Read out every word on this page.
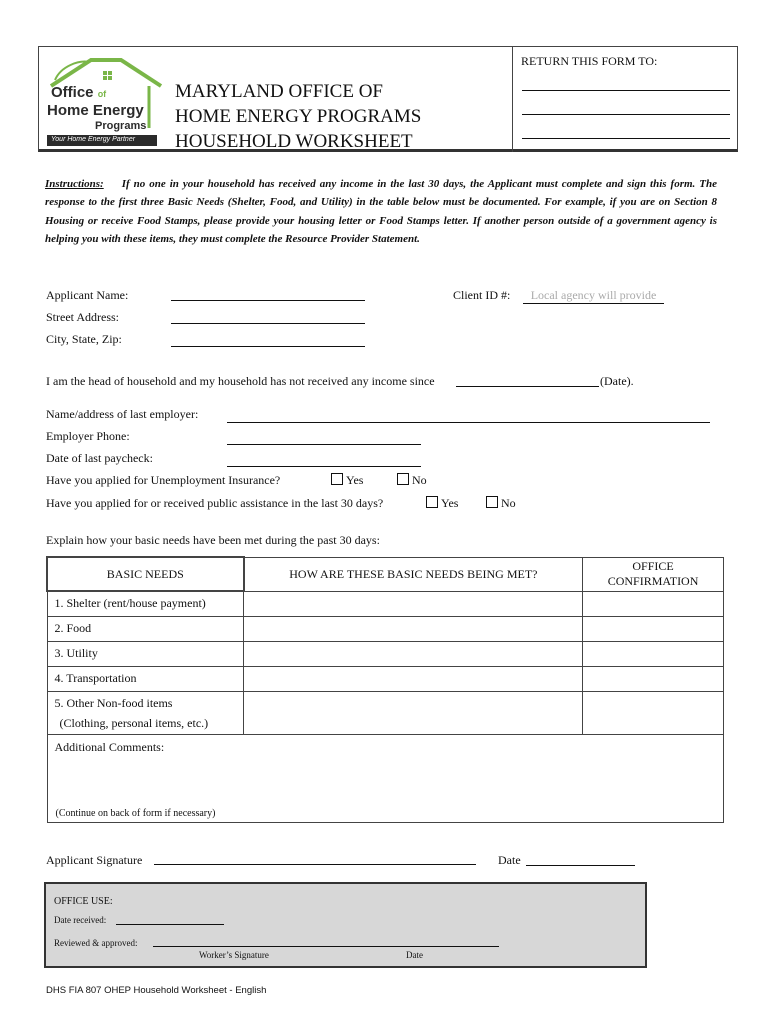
Office of
Home Energy
Programs
Your Home Energy Partner
MARYLAND OFFICE OF
HOME ENERGY PROGRAMS
HOUSEHOLD WORKSHEET
RETURN THIS FORM TO:
Instructions: If no one in your household has received any income in the last 30 days, the Applicant must complete and sign this form. The response to the first three Basic Needs (Shelter, Food, and Utility) in the table below must be documented. For example, if you are on Section 8 Housing or receive Food Stamps, please provide your housing letter or Food Stamps letter. If another person outside of a government agency is helping you with these items, they must complete the Resource Provider Statement.
Applicant Name:
Street Address:
City, State, Zip:
Client ID #:	Local agency will provide
I am the head of household and my household has not received any income since	(Date).
Name/address of last employer:
Employer Phone:
Date of last paycheck:
Have you applied for Unemployment Insurance?	Yes	No
Have you applied for or received public assistance in the last 30 days?	Yes	No
Explain how your basic needs have been met during the past 30 days:
BASIC NEEDS	HOW ARE THESE BASIC NEEDS BEING MET?	OFFICE
CONFIRMATION

1. Shelter (rent/house payment)		
2. Food		
3. Utility		
4. Transportation		

5. Other Non-food items
(Clothing, personal items, etc.)		

Additional Comments:
(Continue on back of form if necessary)		
Applicant Signature	Date
OFFICE USE:
Date received:
Reviewed & approved:
Worker’s Signature	Date
DHS FIA 807 OHEP Household Worksheet - English
